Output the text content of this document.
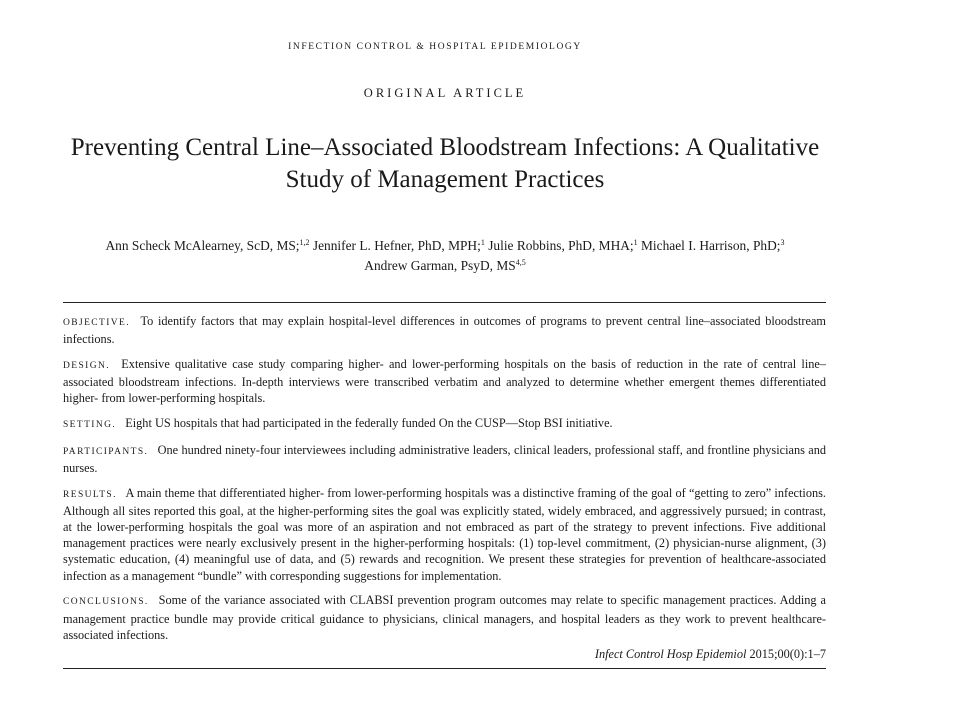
INFECTION CONTROL & HOSPITAL EPIDEMIOLOGY
ORIGINAL ARTICLE
Preventing Central Line–Associated Bloodstream Infections: A Qualitative Study of Management Practices
Ann Scheck McAlearney, ScD, MS;$^{1,2}$ Jennifer L. Hefner, PhD, MPH;$^1$ Julie Robbins, PhD, MHA;$^1$ Michael I. Harrison, PhD;$^3$
Andrew Garman, PsyD, MS$^{4,5}$

OBJECTIVE. To identify factors that may explain hospital-level differences in outcomes of programs to prevent central line–associated bloodstream infections.

DESIGN. Extensive qualitative case study comparing higher- and lower-performing hospitals on the basis of reduction in the rate of central line–associated bloodstream infections. In-depth interviews were transcribed verbatim and analyzed to determine whether emergent themes differentiated higher- from lower-performing hospitals.

SETTING. Eight US hospitals that had participated in the federally funded On the CUSP—Stop BSI initiative.

PARTICIPANTS. One hundred ninety-four interviewees including administrative leaders, clinical leaders, professional staff, and frontline physicians and nurses.

RESULTS. A main theme that differentiated higher- from lower-performing hospitals was a distinctive framing of the goal of “getting to zero” infections. Although all sites reported this goal, at the higher-performing sites the goal was explicitly stated, widely embraced, and aggressively pursued; in contrast, at the lower-performing hospitals the goal was more of an aspiration and not embraced as part of the strategy to prevent infections. Five additional management practices were nearly exclusively present in the higher-performing hospitals: (1) top-level commitment, (2) physician-nurse alignment, (3) systematic education, (4) meaningful use of data, and (5) rewards and recognition. We present these strategies for prevention of healthcare-associated infection as a management “bundle” with corresponding suggestions for implementation.

CONCLUSIONS. Some of the variance associated with CLABSI prevention program outcomes may relate to specific management practices. Adding a management practice bundle may provide critical guidance to physicians, clinical managers, and hospital leaders as they work to prevent healthcare-associated infections.

Infect Control Hosp Epidemiol 2015;00(0):1–7
